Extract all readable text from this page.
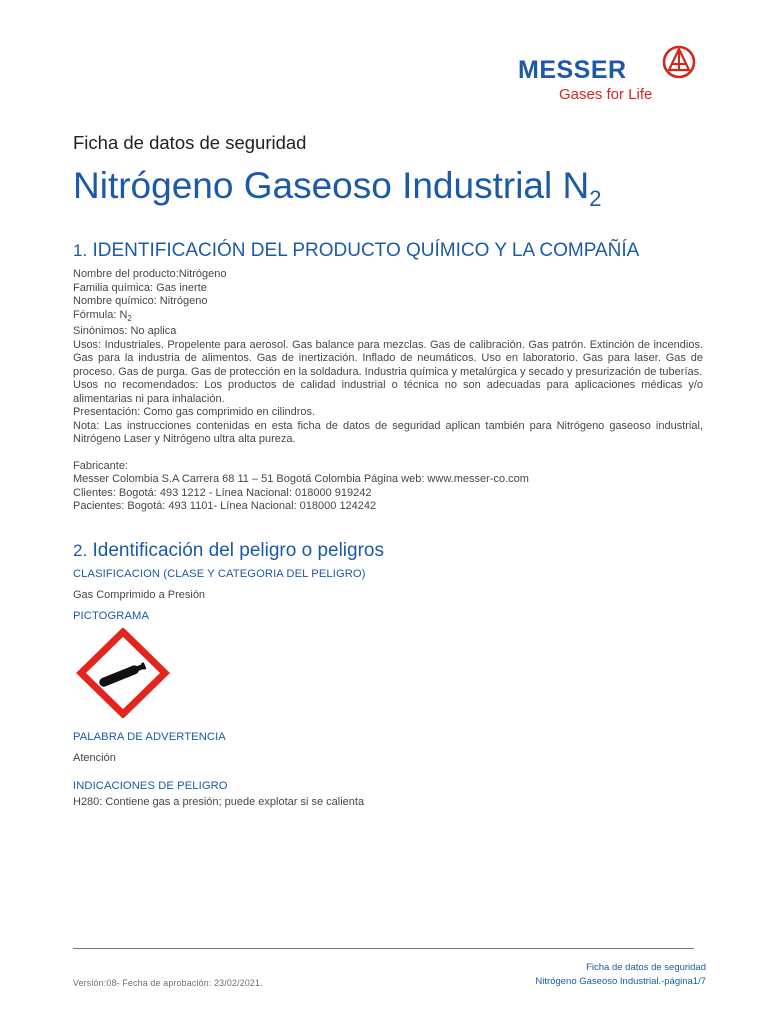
MESSER
Gases for Life
Ficha de datos de seguridad
Nitrógeno Gaseoso Industrial $N_2$
1. IDENTIFICACIÓN DEL PRODUCTO QUÍMICO Y LA COMPAÑÍA

Nombre del producto:Nitrógeno

Familia química: Gas inerte

Nombre químico: Nitrógeno

Fórmula: $N_2$

Sinónimos: No aplica

Usos: Industriales. Propelente para aerosol. Gas balance para mezclas. Gas de calibración. Gas patrón. Extinción de incendios. Gas para la industria de alimentos. Gas de inertización. Inflado de neumáticos. Uso en laboratorio. Gas para laser. Gas de proceso. Gas de purga. Gas de protección en la soldadura. Industria química y metalúrgica y secado y presurización de tuberías.

Usos no recomendados: Los productos de calidad industrial o técnica no son adecuadas para aplicaciones médicas y/o alimentarias ni para inhalación.

Presentación: Como gas comprimido en cilindros.

Nota: Las instrucciones contenidas en esta ficha de datos de seguridad aplican también para Nitrógeno gaseoso industrial, Nitrógeno Laser y Nitrógeno ultra alta pureza.

Fabricante:

Messer Colombia S.A Carrera 68 11 – 51 Bogotá Colombia Página web: www.messer-co.com

Clientes: Bogotá: 493 1212 - Línea Nacional: 018000 919242

Pacientes: Bogotá: 493 1101- Línea Nacional: 018000 124242

2. Identificación del peligro o peligros
CLASIFICACION (CLASE Y CATEGORIA DEL PELIGRO)
Gas Comprimido a Presión
PICTOGRAMA
PALABRA DE ADVERTENCIA
Atención
INDICACIONES DE PELIGRO
H280: Contiene gas a presión; puede explotar si se calienta
Ficha de datos de seguridad
Nitrógeno Gaseoso Industrial.-página1/7
Versión:08- Fecha de aprobación: 23/02/2021.
